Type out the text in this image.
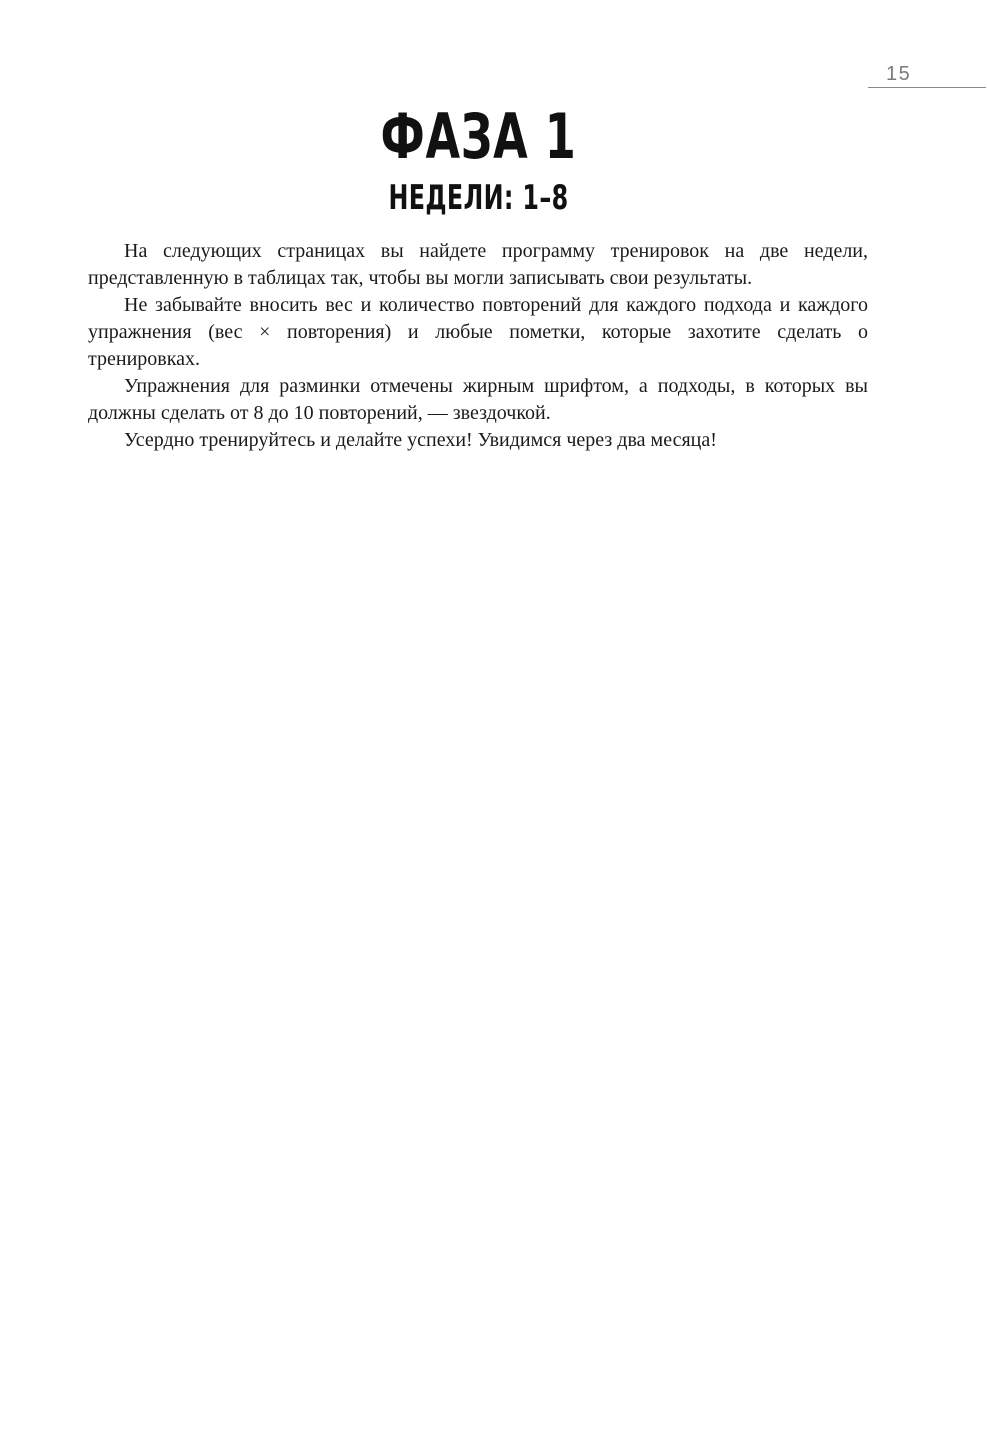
15
ФАЗА 1
НЕДЕЛИ: 1–8

На следующих страницах вы найдете программу тренировок на две недели, представленную в таблицах так, чтобы вы могли записывать свои результаты.

Не забывайте вносить вес и количество повторений для каждого подхода и каждого упражнения (вес × повторения) и любые пометки, которые захотите сделать о тренировках.

Упражнения для разминки отмечены жирным шрифтом, а подходы, в которых вы должны сделать от 8 до 10 повторений, — звездочкой.

Усердно тренируйтесь и делайте успехи! Увидимся через два месяца!
